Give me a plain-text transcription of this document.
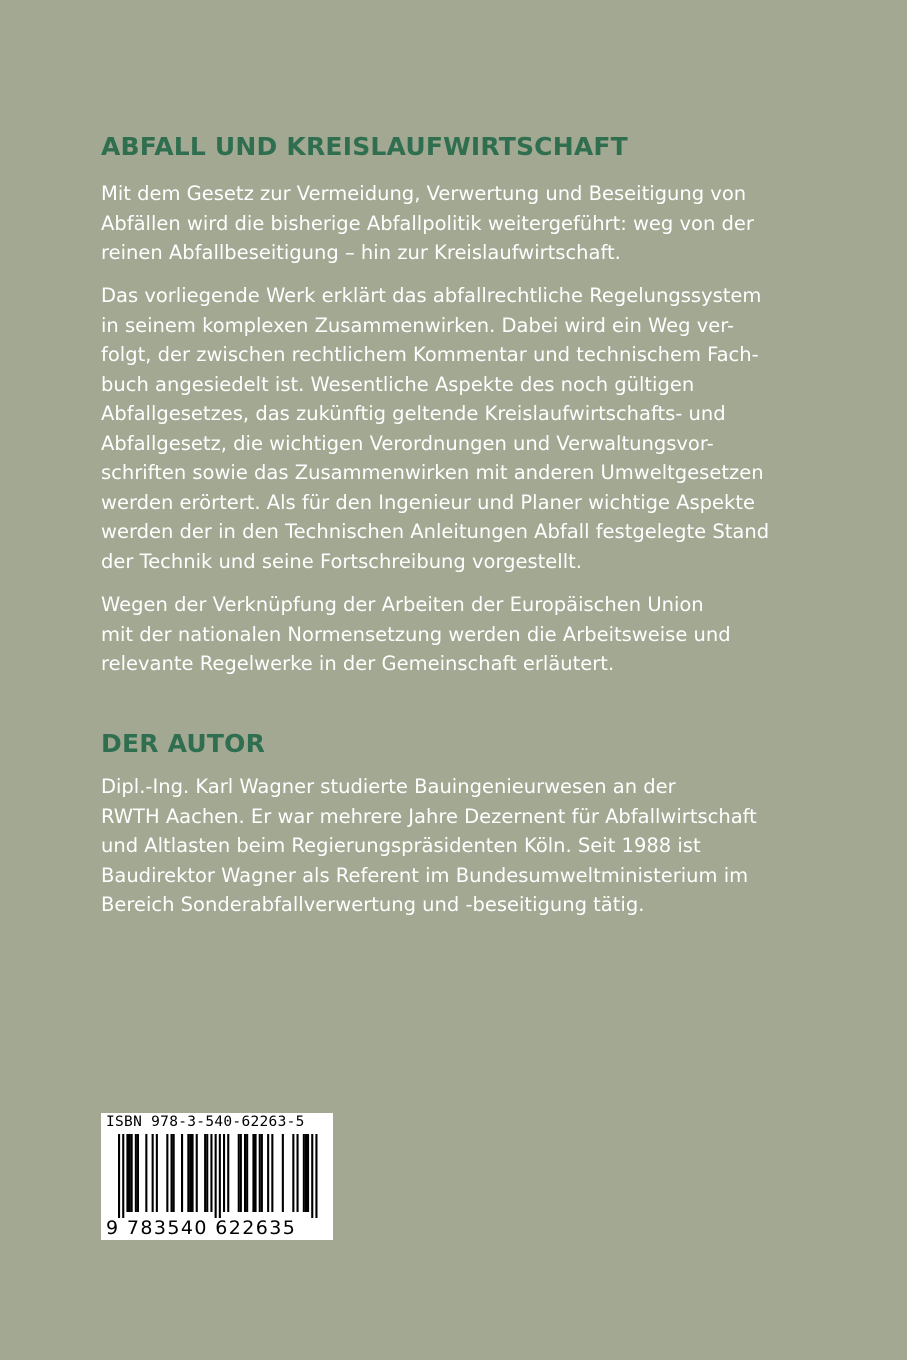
ABFALL UND KREISLAUFWIRTSCHAFT
Mit dem Gesetz zur Vermeidung, Verwertung und Beseitigung von
Abfällen wird die bisherige Abfallpolitik weitergeführt: weg von der
reinen Abfallbeseitigung – hin zur Kreislaufwirtschaft.
Das vorliegende Werk erklärt das abfallrechtliche Regelungssystem
in seinem komplexen Zusammenwirken. Dabei wird ein Weg ver-
folgt, der zwischen rechtlichem Kommentar und technischem Fach-
buch angesiedelt ist. Wesentliche Aspekte des noch gültigen
Abfallgesetzes, das zukünftig geltende Kreislaufwirtschafts- und
Abfallgesetz, die wichtigen Verordnungen und Verwaltungsvor-
schriften sowie das Zusammenwirken mit anderen Umweltgesetzen
werden erörtert. Als für den Ingenieur und Planer wichtige Aspekte
werden der in den Technischen Anleitungen Abfall festgelegte Stand
der Technik und seine Fortschreibung vorgestellt.
Wegen der Verknüpfung der Arbeiten der Europäischen Union
mit der nationalen Normensetzung werden die Arbeitsweise und
relevante Regelwerke in der Gemeinschaft erläutert.
DER AUTOR
Dipl.-Ing. Karl Wagner studierte Bauingenieurwesen an der
RWTH Aachen. Er war mehrere Jahre Dezernent für Abfallwirtschaft
und Altlasten beim Regierungspräsidenten Köln. Seit 1988 ist
Baudirektor Wagner als Referent im Bundesumweltministerium im
Bereich Sonderabfallverwertung und -beseitigung tätig.
ISBN 978-3-540-62263-5
9 783540 622635
